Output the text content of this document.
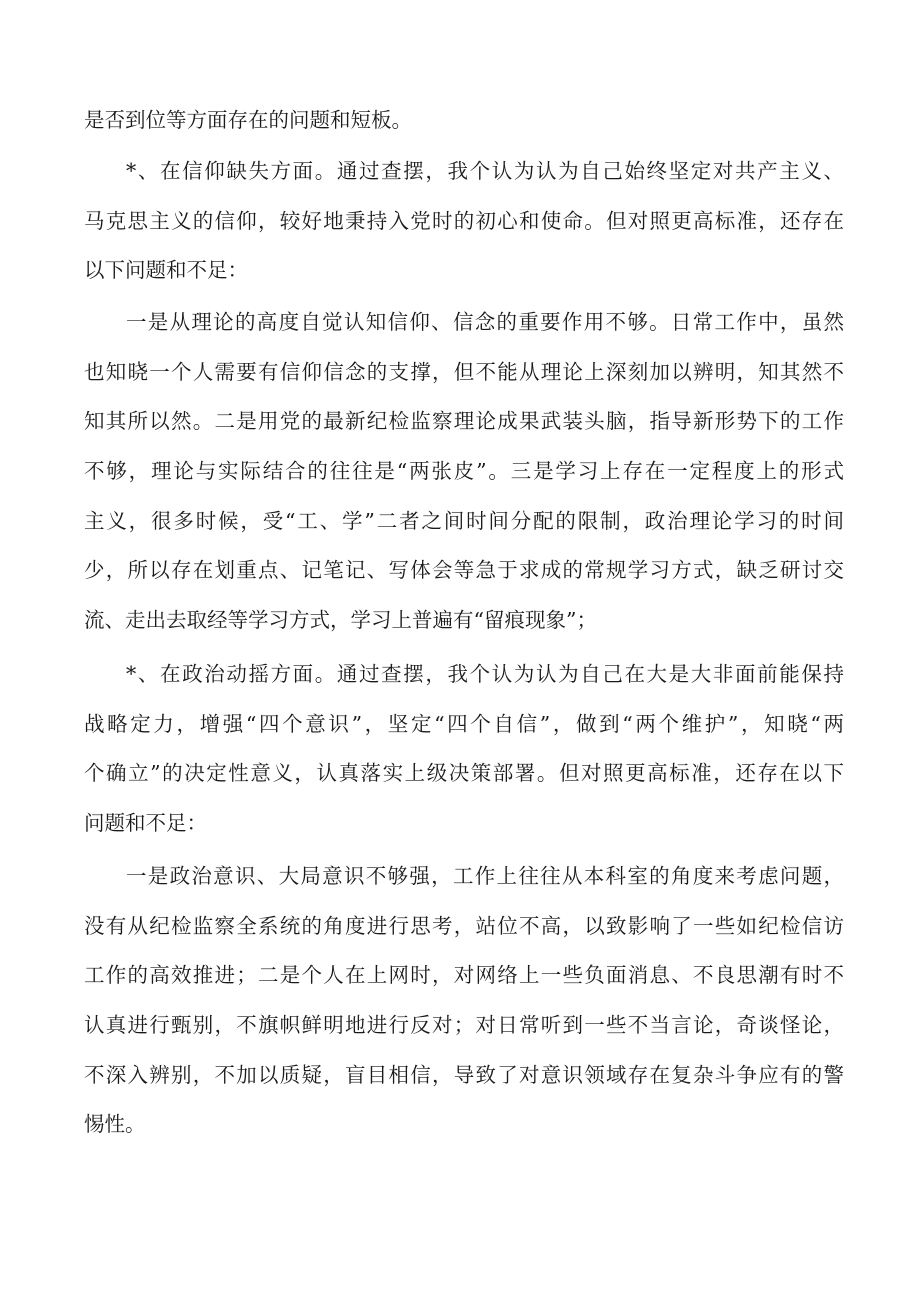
是否到位等方面存在的问题和短板。
*、在信仰缺失方面。通过查摆，我个认为认为自己始终坚定对共产主义、
马克思主义的信仰，较好地秉持入党时的初心和使命。但对照更高标准，还存在
以下问题和不足：
一是从理论的高度自觉认知信仰、信念的重要作用不够。日常工作中，虽然
也知晓一个人需要有信仰信念的支撑，但不能从理论上深刻加以辨明，知其然不
知其所以然。二是用党的最新纪检监察理论成果武装头脑，指导新形势下的工作
不够，理论与实际结合的往往是“两张皮”。三是学习上存在一定程度上的形式
主义，很多时候，受“工、学”二者之间时间分配的限制，政治理论学习的时间
少，所以存在划重点、记笔记、写体会等急于求成的常规学习方式，缺乏研讨交
流、走出去取经等学习方式，学习上普遍有“留痕现象”；
*、在政治动摇方面。通过查摆，我个认为认为自己在大是大非面前能保持
战略定力，增强“四个意识”，坚定“四个自信”，做到“两个维护”，知晓“两
个确立”的决定性意义，认真落实上级决策部署。但对照更高标准，还存在以下
问题和不足：
一是政治意识、大局意识不够强，工作上往往从本科室的角度来考虑问题，
没有从纪检监察全系统的角度进行思考，站位不高，以致影响了一些如纪检信访
工作的高效推进；二是个人在上网时，对网络上一些负面消息、不良思潮有时不
认真进行甄别，不旗帜鲜明地进行反对；对日常听到一些不当言论，奇谈怪论，
不深入辨别，不加以质疑，盲目相信，导致了对意识领域存在复杂斗争应有的警
惕性。
